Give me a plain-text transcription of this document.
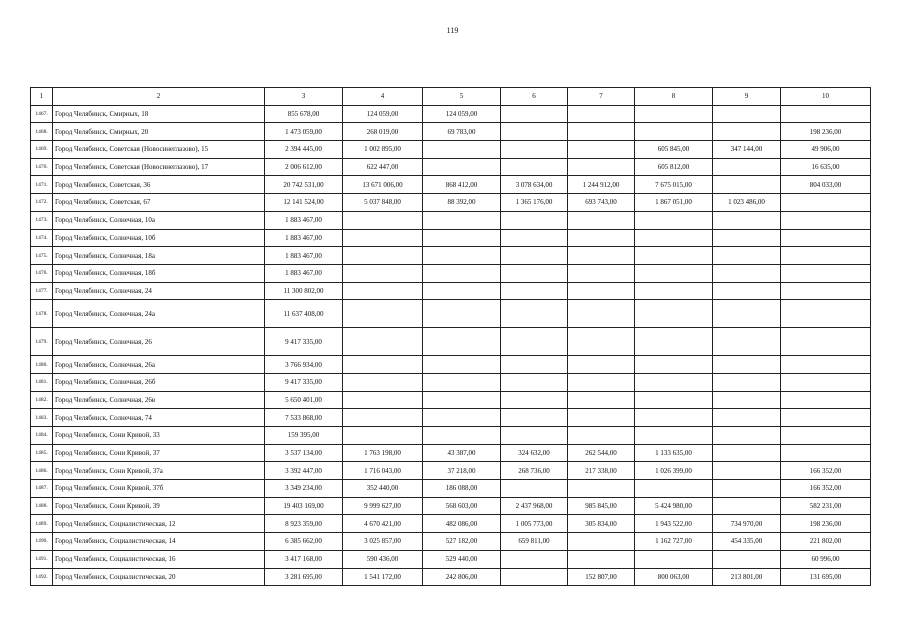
119
1	2	3	4	5	6	7	8	9	10
1467.	Город Челябинск, Смирных, 18	855 678,00	124 059,00	124 059,00					
1468.	Город Челябинск, Смирных, 20	1 473 059,00	268 019,00	69 783,00					198 236,00
1469.	Город Челябинск, Советская (Новосинеглазово), 15	2 394 445,00	1 002 895,00				605 845,00	347 144,00	49 906,00
1470.	Город Челябинск, Советская (Новосинеглазово), 17	2 006 612,00	622 447,00				605 812,00		16 635,00
1471.	Город Челябинск, Советская, 36	20 742 531,00	13 671 006,00	868 412,00	3 078 634,00	1 244 912,00	7 675 015,00		804 033,00
1472.	Город Челябинск, Советская, 67	12 141 524,00	5 037 848,00	88 392,00	1 365 176,00	693 743,00	1 867 051,00	1 023 486,00	
1473.	Город Челябинск, Солнечная, 10а	1 883 467,00							
1474.	Город Челябинск, Солнечная, 10б	1 883 467,00							
1475.	Город Челябинск, Солнечная, 18а	1 883 467,00							
1476.	Город Челябинск, Солнечная, 18б	1 883 467,00							
1477.	Город Челябинск, Солнечная, 24	11 300 802,00							
1478.	Город Челябинск, Солнечная, 24а	11 637 408,00							
1479.	Город Челябинск, Солнечная, 26	9 417 335,00							
1480.	Город Челябинск, Солнечная, 26а	3 766 934,00							
1481.	Город Челябинск, Солнечная, 26б	9 417 335,00							
1482.	Город Челябинск, Солнечная, 26в	5 650 401,00							
1483.	Город Челябинск, Солнечная, 74	7 533 868,00							
1484.	Город Челябинск, Сони Кривой, 33	159 395,00							
1485.	Город Челябинск, Сони Кривой, 37	3 537 134,00	1 763 198,00	43 387,00	324 632,00	262 544,00	1 133 635,00		
1486.	Город Челябинск, Сони Кривой, 37а	3 392 447,00	1 716 043,00	37 218,00	268 736,00	217 338,00	1 026 399,00		166 352,00
1487.	Город Челябинск, Сони Кривой, 37б	3 349 234,00	352 440,00	186 088,00					166 352,00
1488.	Город Челябинск, Сони Кривой, 39	19 403 169,00	9 999 627,00	568 603,00	2 437 968,00	985 845,00	5 424 980,00		582 231,00
1489.	Город Челябинск, Социалистическая, 12	8 923 359,00	4 670 421,00	482 086,00	1 005 773,00	305 834,00	1 943 522,00	734 970,00	198 236,00
1490.	Город Челябинск, Социалистическая, 14	6 385 662,00	3 025 857,00	527 182,00	659 811,00		1 162 727,00	454 335,00	221 802,00
1491.	Город Челябинск, Социалистическая, 16	3 417 168,00	590 436,00	529 440,00					60 996,00
1492.	Город Челябинск, Социалистическая, 20	3 281 695,00	1 541 172,00	242 806,00		152 807,00	800 063,00	213 801,00	131 695,00
